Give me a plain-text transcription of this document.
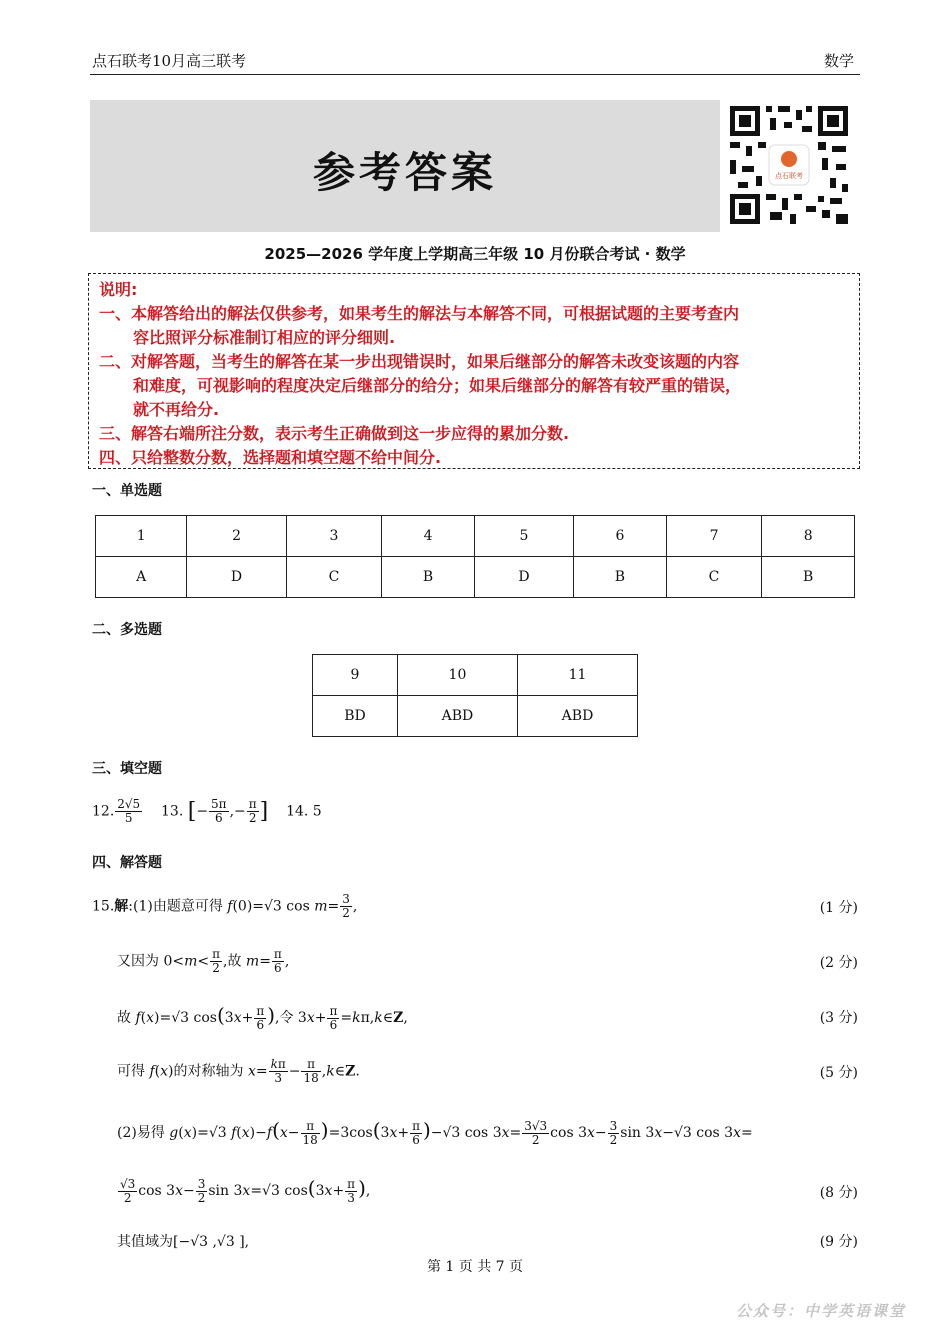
点石联考10月高三联考	数学
参考答案	点石联考
2025—2026 学年度上学期高三年级 10 月份联合考试 · 数学
说明:
一、本解答给出的解法仅供参考，如果考生的解法与本解答不同，可根据试题的主要考查内
容比照评分标准制订相应的评分细则.
二、对解答题，当考生的解答在某一步出现错误时，如果后继部分的解答未改变该题的内容
和难度，可视影响的程度决定后继部分的给分；如果后继部分的解答有较严重的错误，
就不再给分.
三、解答右端所注分数，表示考生正确做到这一步应得的累加分数.
四、只给整数分数，选择题和填空题不给中间分.
一、单选题
1	2	3	4	5	6	7	8
A	D	C	B	D	B	C	B
二、多选题
9	10	11
BD	ABD	ABD
三、填空题
12. $\frac{2√5}{5} 13$. [− $\frac{5\pi}{6}$ ,− $\frac{\pi}{2}$ ] 14. 5
四、解答题
15.解:(1)由题意可得 f(0)=√3 $\cos m= \frac{3}{2}$ ,	(1 分)
又因为 $0<m< \frac{\pi}{2}$ ,故 $m= \frac{\pi}{6}$ ,	(2 分)
故 f(x)=√3 $\cos(3x+ \frac{\pi}{6}$ ),令 $3x+ \frac{\pi}{6}$ =kπ,k∈Z,	(3 分)
可得 f(x)的对称轴为 $x= \frac{k\pi}{3} - \frac{\pi}{18}$ ,k∈Z.	(5 分)
(2)易得 g(x)=√3 $f(x)-f(x- \frac{\pi}{18} )=3\cos(3x+ \frac{\pi}{6} )-√3$ $\cos 3x= \frac{3√3}{2}$ $\cos 3x- \frac{3}{2}$ sin 3x−√3 cos 3x=
$\frac{√3}{2}$ $\cos 3x- \frac{3}{2}$ sin 3x=√3 $\cos(3x+ \frac{\pi}{3}$ ),	(8 分)
其值域为[−√3 ,√3 ],	(9 分)
第 1 页 共 7 页
公众号：中学英语课堂
